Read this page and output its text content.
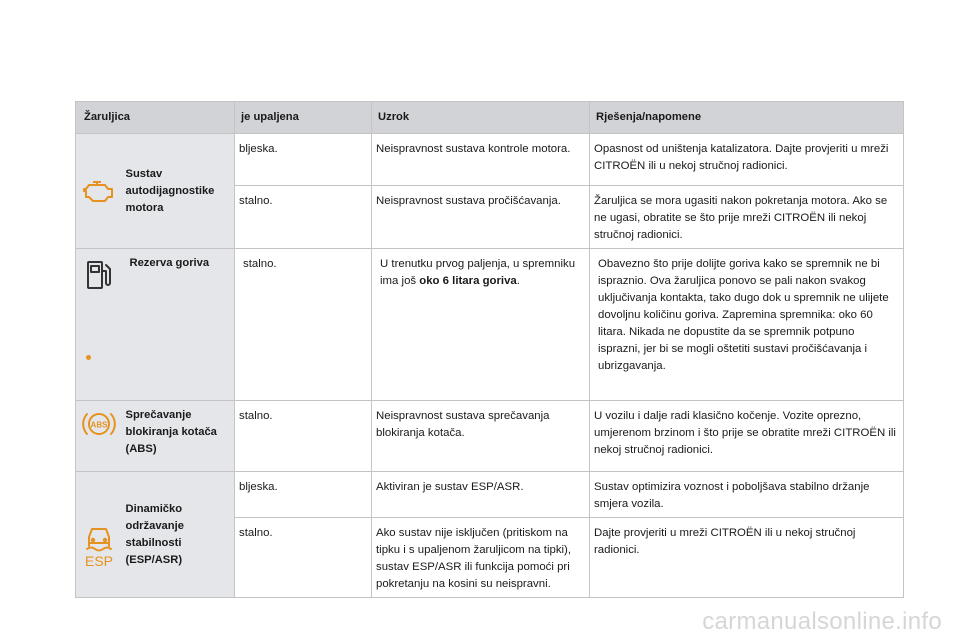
Žaruljica		je upaljena	Uzrok	Rješenja/napomene

	Sustav autodijagnostike motora	bljeska.	Neispravnost sustava kontrole motora.	Opasnost od uništenja katalizatora. Dajte provjeriti u mreži CITROËN ili u nekoj stručnoj radionici.
		stalno.	Neispravnost sustava pročišćavanja.	Žaruljica se mora ugasiti nakon pokretanja motora. Ako se ne ugasi, obratite se što prije mreži CITROËN ili nekoj stručnoj radionici.

	Rezerva goriva	stalno.	U trenutku prvog paljenja, u spremniku ima još oko 6 litara goriva.	Obavezno što prije dolijte goriva kako se spremnik ne bi ispraznio. Ova žaruljica ponovo se pali nakon svakog uključivanja kontakta, tako dugo dok u spremnik ne ulijete dovoljnu količinu goriva. Zapremina spremnika: oko 60 litara. Nikada ne dopustite da se spremnik potpuno isprazni, jer bi se mogli oštetiti sustavi pročišćavanja i ubrizgavanja.

ABS	Sprečavanje blokiranja kotača (ABS)	stalno.	Neispravnost sustava sprečavanja blokiranja kotača.	U vozilu i dalje radi klasično kočenje. Vozite oprezno, umjerenom brzinom i što prije se obratite mreži CITROËN ili nekoj stručnoj radionici.

ESP	Dinamičko održavanje stabilnosti (ESP/ASR)	bljeska.	Aktiviran je sustav ESP/ASR.	Sustav optimizira voznost i poboljšava stabilno držanje smjera vozila.
		stalno.	Ako sustav nije isključen (pritiskom na tipku i s upaljenom žaruljicom na tipki), sustav ESP/ASR ili funkcija pomoći pri pokretanju na kosini su neispravni.	Dajte provjeriti u mreži CITROËN ili u nekoj stručnoj radionici.
carmanualsonline.info
